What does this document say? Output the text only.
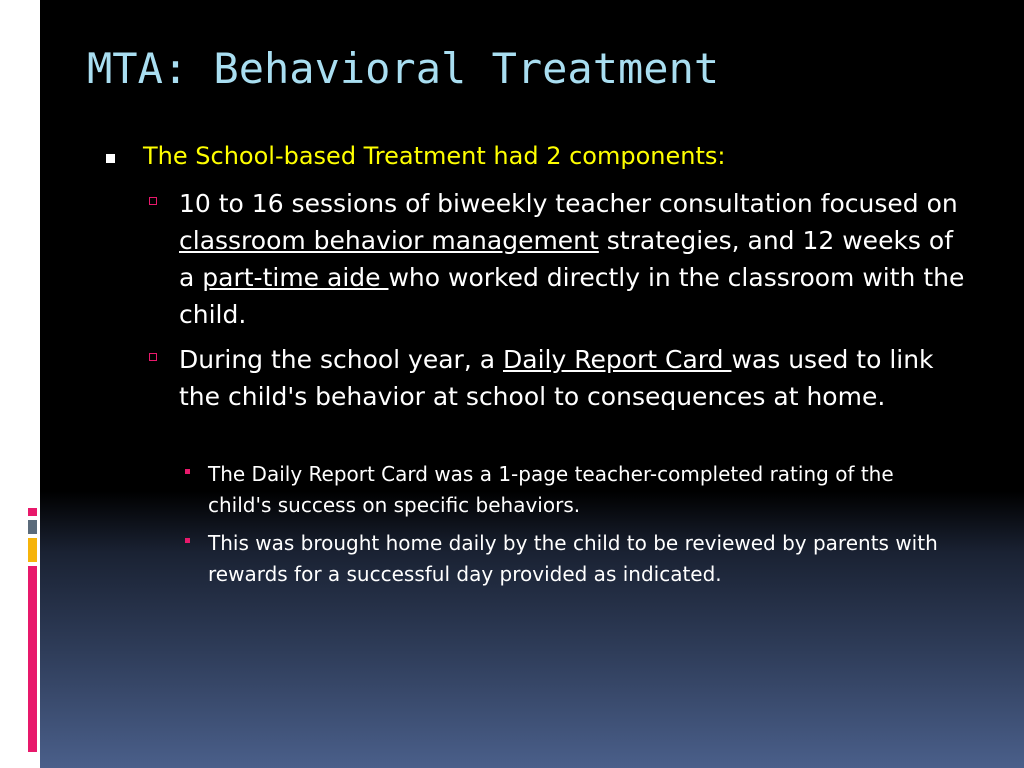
MTA: Behavioral Treatment
The School-based Treatment had 2 components:
10 to 16 sessions of biweekly teacher consultation focused on classroom behavior management strategies, and 12 weeks of a part-time aide who worked directly in the classroom with the child.
During the school year, a Daily Report Card was used to link the child's behavior at school to consequences at home.
The Daily Report Card was a 1-page teacher-completed rating of the child's success on specific behaviors.
This was brought home daily by the child to be reviewed by parents with rewards for a successful day provided as indicated.
